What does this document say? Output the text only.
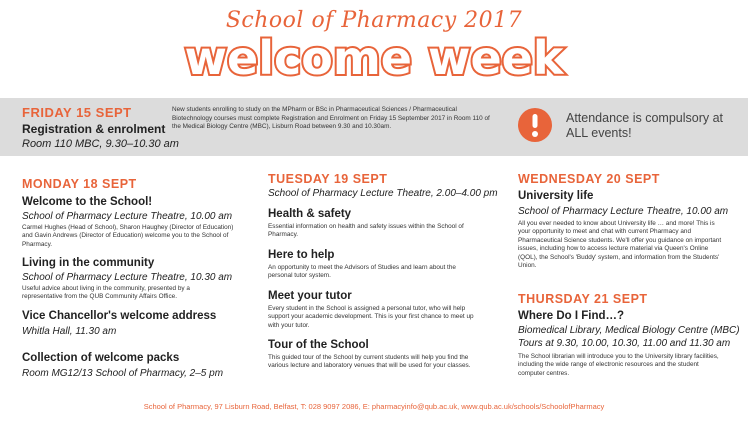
School of Pharmacy 2017
welcome week
FRIDAY 15 SEPT
Registration & enrolment
Room 110 MBC, 9.30–10.30 am
New students enrolling to study on the MPharm or BSc in Pharmaceutical Sciences / Pharmaceutical Biotechnology courses must complete Registration and Enrolment on Friday 15 September 2017 in Room 110 of the Medical Biology Centre (MBC), Lisburn Road between 9.30 and 10.30am.
Attendance is compulsory at ALL events!
MONDAY 18 SEPT
Welcome to the School!
School of Pharmacy Lecture Theatre, 10.00 am
Carmel Hughes (Head of School), Sharon Haughey (Director of Education) and Gavin Andrews (Director of Education) welcome you to the School of Pharmacy.
Living in the community
School of Pharmacy Lecture Theatre, 10.30 am
Useful advice about living in the community, presented by a representative from the QUB Community Affairs Office.
Vice Chancellor's welcome address
Whitla Hall, 11.30 am
Collection of welcome packs
Room MG12/13 School of Pharmacy, 2–5 pm
TUESDAY 19 SEPT
School of Pharmacy Lecture Theatre, 2.00–4.00 pm
Health & safety
Essential information on health and safety issues within the School of Pharmacy.
Here to help
An opportunity to meet the Advisors of Studies and learn about the personal tutor system.
Meet your tutor
Every student in the School is assigned a personal tutor, who will help support your academic development. This is your first chance to meet up with your tutor.
Tour of the School
This guided tour of the School by current students will help you find the various lecture and laboratory venues that will be used for your classes.
WEDNESDAY 20 SEPT
University life
School of Pharmacy Lecture Theatre, 10.00 am
All you ever needed to know about University life … and more! This is your opportunity to meet and chat with current Pharmacy and Pharmaceutical Science students. We'll offer you guidance on important issues, including how to access lecture material via Queen's Online (QOL), the School's 'Buddy' system, and information from the Students' Union.
THURSDAY 21 SEPT
Where Do I Find…?
Biomedical Library, Medical Biology Centre (MBC)
Tours at 9.30, 10.00, 10.30, 11.00 and 11.30 am
The School librarian will introduce you to the University library facilities, including the wide range of electronic resources and the student computer centres.
School of Pharmacy, 97 Lisburn Road, Belfast, T: 028 9097 2086, E: pharmacyinfo@qub.ac.uk, www.qub.ac.uk/schools/SchoolofPharmacy
